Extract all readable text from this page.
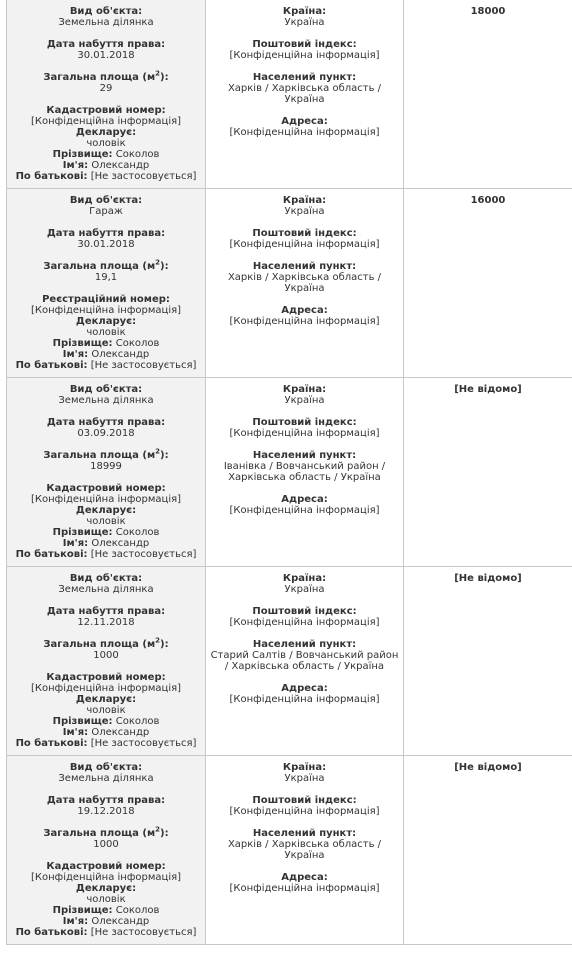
Вид об'єкта:
Земельна ділянка
Дата набуття права:
30.01.2018
Загальна площа $(м^2)$:
29
Кадастровий номер:
[Конфіденційна інформація]
Декларує:
чоловік
Прізвище: Соколов
Ім'я: Олександр
По батькові: [Не застосовується]
Країна:
Україна
Поштовий індекс:
[Конфіденційна інформація]
Населений пункт:
Харків / Харківська область / Україна
Адреса:
[Конфіденційна інформація]
18000
Вид об'єкта:
Гараж
Дата набуття права:
30.01.2018
Загальна площа $(м^2)$:
19,1
Реєстраційний номер:
[Конфіденційна інформація]
Декларує:
чоловік
Прізвище: Соколов
Ім'я: Олександр
По батькові: [Не застосовується]
Країна:
Україна
Поштовий індекс:
[Конфіденційна інформація]
Населений пункт:
Харків / Харківська область / Україна
Адреса:
[Конфіденційна інформація]
16000
Вид об'єкта:
Земельна ділянка
Дата набуття права:
03.09.2018
Загальна площа $(м^2)$:
18999
Кадастровий номер:
[Конфіденційна інформація]
Декларує:
чоловік
Прізвище: Соколов
Ім'я: Олександр
По батькові: [Не застосовується]
Країна:
Україна
Поштовий індекс:
[Конфіденційна інформація]
Населений пункт:
Іванівка / Вовчанський район / Харківська область / Україна
Адреса:
[Конфіденційна інформація]
[Не відомо]
Вид об'єкта:
Земельна ділянка
Дата набуття права:
12.11.2018
Загальна площа $(м^2)$:
1000
Кадастровий номер:
[Конфіденційна інформація]
Декларує:
чоловік
Прізвище: Соколов
Ім'я: Олександр
По батькові: [Не застосовується]
Країна:
Україна
Поштовий індекс:
[Конфіденційна інформація]
Населений пункт:
Старий Салтів / Вовчанський район / Харківська область / Україна
Адреса:
[Конфіденційна інформація]
[Не відомо]
Вид об'єкта:
Земельна ділянка
Дата набуття права:
19.12.2018
Загальна площа $(м^2)$:
1000
Кадастровий номер:
[Конфіденційна інформація]
Декларує:
чоловік
Прізвище: Соколов
Ім'я: Олександр
По батькові: [Не застосовується]
Країна:
Україна
Поштовий індекс:
[Конфіденційна інформація]
Населений пункт:
Харків / Харківська область / Україна
Адреса:
[Конфіденційна інформація]
[Не відомо]
